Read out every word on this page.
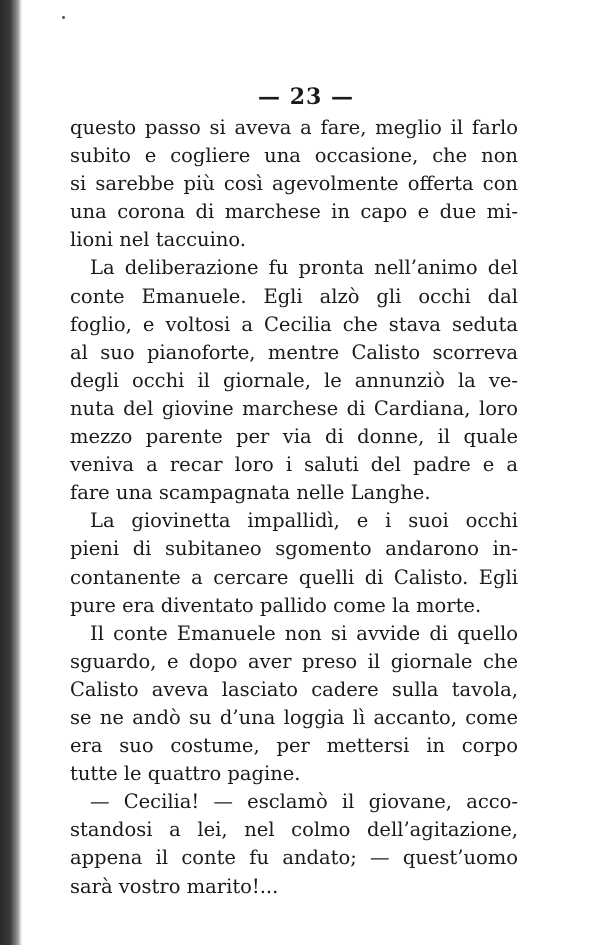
— 23 —
questo passo si aveva a fare, meglio il farlo
subito e cogliere una occasione, che non
si sarebbe più così agevolmente offerta con
una corona di marchese in capo e due mi-
lioni nel taccuino.
La deliberazione fu pronta nell’animo del
conte Emanuele. Egli alzò gli occhi dal
foglio, e voltosi a Cecilia che stava seduta
al suo pianoforte, mentre Calisto scorreva
degli occhi il giornale, le annunziò la ve-
nuta del giovine marchese di Cardiana, loro
mezzo parente per via di donne, il quale
veniva a recar loro i saluti del padre e a
fare una scampagnata nelle Langhe.
La giovinetta impallidì, e i suoi occhi
pieni di subitaneo sgomento andarono in-
contanente a cercare quelli di Calisto. Egli
pure era diventato pallido come la morte.
Il conte Emanuele non si avvide di quello
sguardo, e dopo aver preso il giornale che
Calisto aveva lasciato cadere sulla tavola,
se ne andò su d’una loggia lì accanto, come
era suo costume, per mettersi in corpo
tutte le quattro pagine.
— Cecilia! — esclamò il giovane, acco-
standosi a lei, nel colmo dell’agitazione,
appena il conte fu andato; — quest’uomo
sarà vostro marito!...
